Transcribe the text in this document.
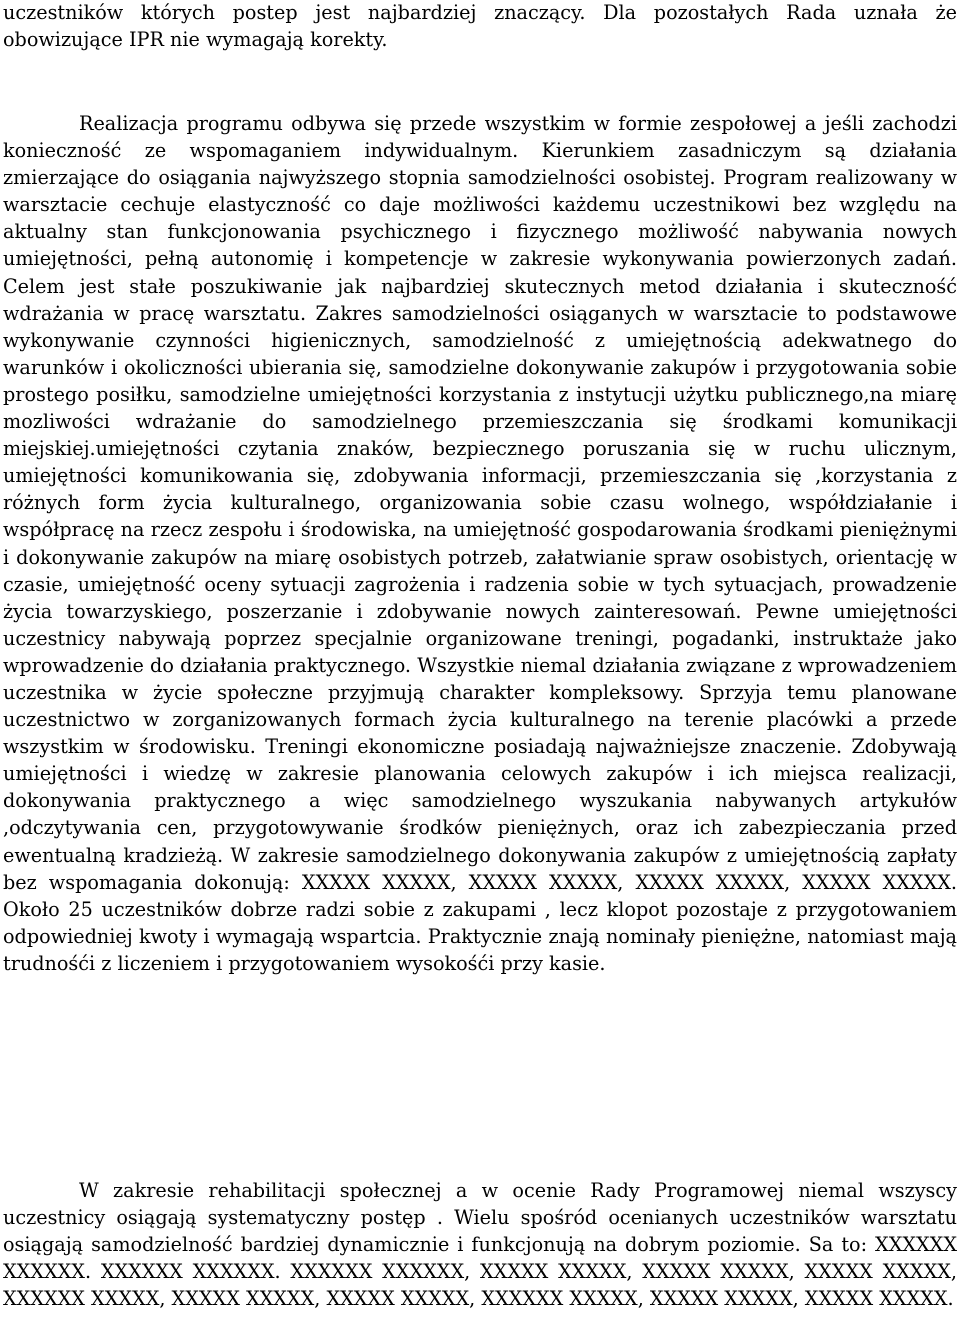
uczestników których postep jest najbardziej znaczący. Dla pozostałych Rada uznała że obowizujące IPR nie wymagają korekty.

Realizacja programu odbywa się przede wszystkim w formie zespołowej a jeśli zachodzi konieczność ze wspomaganiem indywidualnym. Kierunkiem zasadniczym są działania zmierzające do osiągania najwyższego stopnia samodzielności osobistej. Program realizowany w warsztacie cechuje elastyczność co daje możliwości każdemu uczestnikowi bez względu na aktualny stan funkcjonowania psychicznego i fizycznego możliwość nabywania nowych umiejętności, pełną autonomię i kompetencje w zakresie wykonywania powierzonych zadań. Celem jest stałe poszukiwanie jak najbardziej skutecznych metod działania i skuteczność wdrażania w pracę warsztatu. Zakres samodzielności osiąganych w warsztacie to podstawowe wykonywanie czynności higienicznych, samodzielność z umiejętnością adekwatnego do warunków i okoliczności ubierania się, samodzielne dokonywanie zakupów i przygotowania sobie prostego posiłku, samodzielne umiejętności korzystania z instytucji użytku publicznego,na miarę mozliwości wdrażanie do samodzielnego przemieszczania się środkami komunikacji miejskiej.umiejętności czytania znaków, bezpiecznego poruszania się w ruchu ulicznym, umiejętności komunikowania się, zdobywania informacji, przemieszczania się ,korzystania z różnych form życia kulturalnego, organizowania sobie czasu wolnego, współdziałanie i współpracę na rzecz zespołu i środowiska, na umiejętność gospodarowania środkami pieniężnymi i dokonywanie zakupów na miarę osobistych potrzeb, załatwianie spraw osobistych, orientację w czasie, umiejętność oceny sytuacji zagrożenia i radzenia sobie w tych sytuacjach, prowadzenie życia towarzyskiego, poszerzanie i zdobywanie nowych zainteresowań. Pewne umiejętności uczestnicy nabywają poprzez specjalnie organizowane treningi, pogadanki, instruktaże jako wprowadzenie do działania praktycznego. Wszystkie niemal działania związane z wprowadzeniem uczestnika w życie społeczne przyjmują charakter kompleksowy. Sprzyja temu planowane uczestnictwo w zorganizowanych formach życia kulturalnego na terenie placówki a przede wszystkim w środowisku. Treningi ekonomiczne posiadają najważniejsze znaczenie. Zdobywają umiejętności i wiedzę w zakresie planowania celowych zakupów i ich miejsca realizacji, dokonywania praktycznego a więc samodzielnego wyszukania nabywanych artykułów ,odczytywania cen, przygotowywanie środków pieniężnych, oraz ich zabezpieczania przed ewentualną kradzieżą. W zakresie samodzielnego dokonywania zakupów z umiejętnością zapłaty bez wspomagania dokonują: XXXXX XXXXX, XXXXX XXXXX, XXXXX XXXXX, XXXXX XXXXX. Około 25 uczestników dobrze radzi sobie z zakupami , lecz klopot pozostaje z przygotowaniem odpowiedniej kwoty i wymagają wspartcia. Praktycznie znają nominały pieniężne, natomiast mają trudnośći z liczeniem i przygotowaniem wysokośći przy kasie.

W zakresie rehabilitacji społecznej a w ocenie Rady Programowej niemal wszyscy uczestnicy osiągają systematyczny postęp . Wielu spośród ocenianych uczestników warsztatu osiągają samodzielność bardziej dynamicznie i funkcjonują na dobrym poziomie. Sa to: XXXXXX XXXXXX. XXXXXX XXXXXX. XXXXXX XXXXXX, XXXXX XXXXX, XXXXX XXXXX, XXXXX XXXXX, XXXXXX XXXXX, XXXXX XXXXX, XXXXX XXXXX, XXXXXX XXXXX, XXXXX XXXXX, XXXXX XXXXX.
